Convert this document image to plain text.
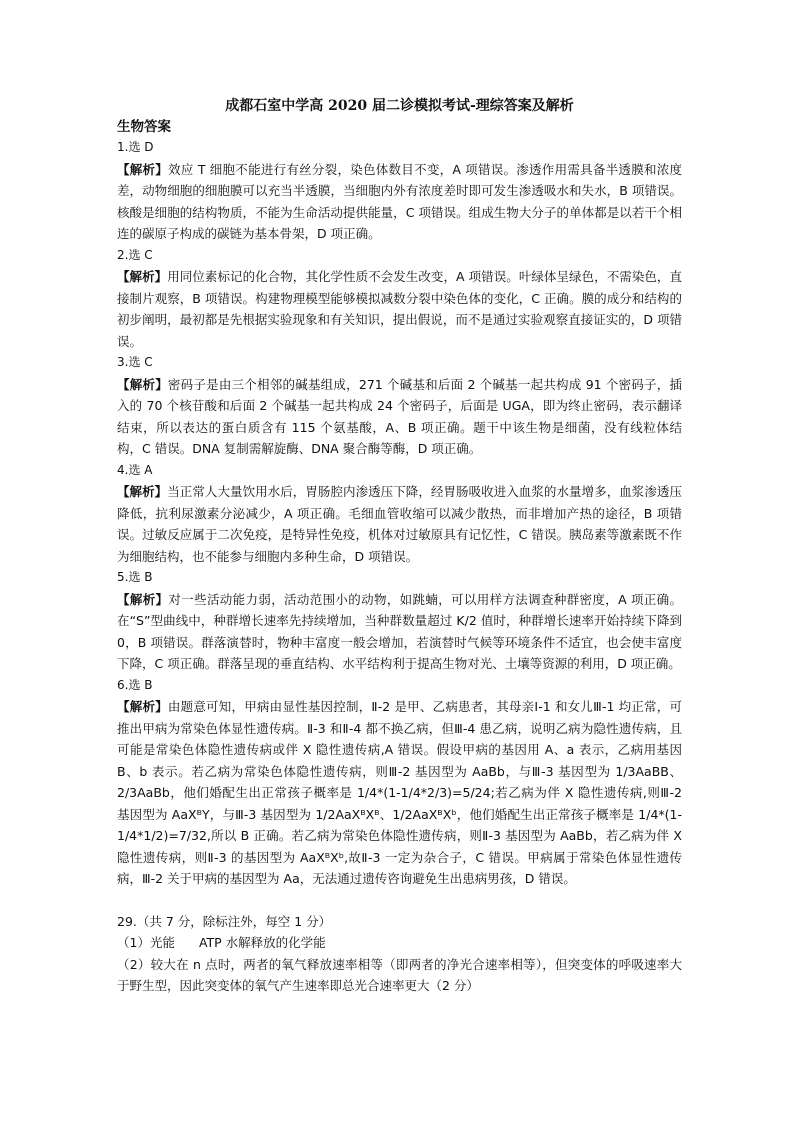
成都石室中学高 2020 届二诊模拟考试-理综答案及解析

生物答案

1.选 D

【解析】效应 T 细胞不能进行有丝分裂，染色体数目不变，A 项错误。渗透作用需具备半透膜和浓度差，动物细胞的细胞膜可以充当半透膜，当细胞内外有浓度差时即可发生渗透吸水和失水，B 项错误。核酸是细胞的结构物质，不能为生命活动提供能量，C 项错误。组成生物大分子的单体都是以若干个相连的碳原子构成的碳链为基本骨架，D 项正确。

2.选 C

【解析】用同位素标记的化合物，其化学性质不会发生改变，A 项错误。叶绿体呈绿色，不需染色，直接制片观察，B 项错误。构建物理模型能够模拟减数分裂中染色体的变化，C 正确。膜的成分和结构的初步阐明，最初都是先根据实验现象和有关知识，提出假说，而不是通过实验观察直接证实的，D 项错误。

3.选 C

【解析】密码子是由三个相邻的碱基组成，271 个碱基和后面 2 个碱基一起共构成 91 个密码子，插入的 70 个核苷酸和后面 2 个碱基一起共构成 24 个密码子，后面是 UGA，即为终止密码，表示翻译结束，所以表达的蛋白质含有 115 个氨基酸，A、B 项正确。题干中该生物是细菌，没有线粒体结构，C 错误。DNA 复制需解旋酶、DNA 聚合酶等酶，D 项正确。

4.选 A

【解析】当正常人大量饮用水后，胃肠腔内渗透压下降，经胃肠吸收进入血浆的水量增多，血浆渗透压降低，抗利尿激素分泌减少，A 项正确。毛细血管收缩可以减少散热，而非增加产热的途径，B 项错误。过敏反应属于二次免疫，是特异性免疫，机体对过敏原具有记忆性，C 错误。胰岛素等激素既不作为细胞结构，也不能参与细胞内多种生命，D 项错误。

5.选 B

【解析】对一些活动能力弱，活动范围小的动物，如跳蝻，可以用样方法调查种群密度，A 项正确。在“S”型曲线中，种群增长速率先持续增加，当种群数量超过 K/2 值时，种群增长速率开始持续下降到 0，B 项错误。群落演替时，物种丰富度一般会增加，若演替时气候等环境条件不适宜，也会使丰富度下降，C 项正确。群落呈现的垂直结构、水平结构利于提高生物对光、土壤等资源的利用，D 项正确。

6.选 B

【解析】由题意可知，甲病由显性基因控制，Ⅱ-2 是甲、乙病患者，其母亲Ⅰ-1 和女儿Ⅲ-1 均正常，可推出甲病为常染色体显性遗传病。Ⅱ-3 和Ⅱ-4 都不换乙病，但Ⅲ-4 患乙病，说明乙病为隐性遗传病，且可能是常染色体隐性遗传病或伴 X 隐性遗传病,A 错误。假设甲病的基因用 A、a 表示，乙病用基因 B、b 表示。若乙病为常染色体隐性遗传病，则Ⅲ-2 基因型为 AaBb，与Ⅲ-3 基因型为 1/3AaBB、2/3AaBb，他们婚配生出正常孩子概率是 1/4*(1-1/4*2/3)=5/24;若乙病为伴 X 隐性遗传病,则Ⅲ-2 基因型为 AaXᴮY，与Ⅲ-3 基因型为 1/2AaXᴮXᴮ、1/2AaXᴮXᵇ，他们婚配生出正常孩子概率是 1/4*(1-1/4*1/2)=7/32,所以 B 正确。若乙病为常染色体隐性遗传病，则Ⅱ-3 基因型为 AaBb，若乙病为伴 X 隐性遗传病，则Ⅱ-3 的基因型为 AaXᴮXᵇ,故Ⅱ-3 一定为杂合子，C 错误。甲病属于常染色体显性遗传病，Ⅲ-2 关于甲病的基因型为 Aa，无法通过遗传咨询避免生出患病男孩，D 错误。

29.（共 7 分，除标注外，每空 1 分）

（1）光能 ATP 水解释放的化学能

（2）较大在 n 点时，两者的氧气释放速率相等（即两者的净光合速率相等），但突变体的呼吸速率大于野生型，因此突变体的氧气产生速率即总光合速率更大（2 分）
